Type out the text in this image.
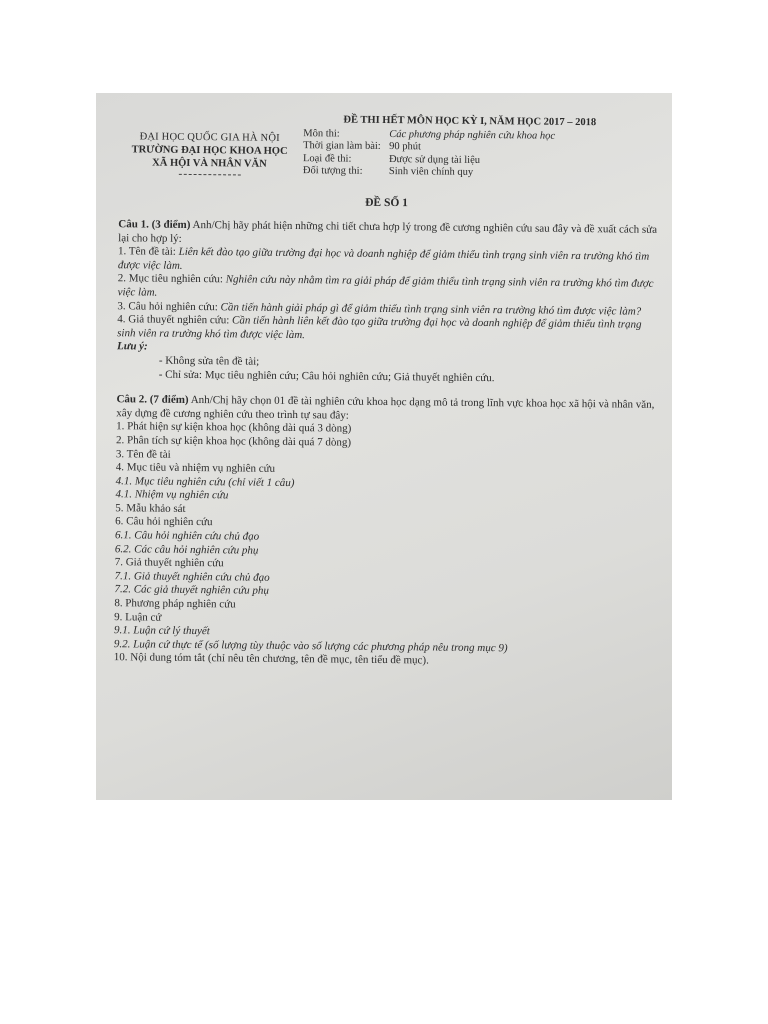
ĐẠI HỌC QUỐC GIA HÀ NỘI
TRƯỜNG ĐẠI HỌC KHOA HỌC
XÃ HỘI VÀ NHÂN VĂN
ĐỀ THI HẾT MÔN HỌC KỲ I, NĂM HỌC 2017 – 2018
Môn thi:	Các phương pháp nghiên cứu khoa học
Thời gian làm bài: 90 phút
Loại đề thi:	Được sử dụng tài liệu
Đối tượng thi:	Sinh viên chính quy
ĐỀ SỐ 1

Câu 1. (3 điểm) Anh/Chị hãy phát hiện những chi tiết chưa hợp lý trong đề cương nghiên cứu sau đây và đề xuất cách sửa lại cho hợp lý:

1. Tên đề tài: Liên kết đào tạo giữa trường đại học và doanh nghiệp để giảm thiểu tình trạng sinh viên ra trường khó tìm được việc làm.

2. Mục tiêu nghiên cứu: Nghiên cứu này nhằm tìm ra giải pháp để giảm thiểu tình trạng sinh viên ra trường khó tìm được việc làm.

3. Câu hỏi nghiên cứu: Cần tiến hành giải pháp gì để giảm thiểu tình trạng sinh viên ra trường khó tìm được việc làm?

4. Giả thuyết nghiên cứu: Cần tiến hành liên kết đào tạo giữa trường đại học và doanh nghiệp để giảm thiểu tình trạng sinh viên ra trường khó tìm được việc làm.

Lưu ý:

- Không sửa tên đề tài;

- Chỉ sửa: Mục tiêu nghiên cứu; Câu hỏi nghiên cứu; Giả thuyết nghiên cứu.

Câu 2. (7 điểm) Anh/Chị hãy chọn 01 đề tài nghiên cứu khoa học dạng mô tả trong lĩnh vực khoa học xã hội và nhân văn, xây dựng đề cương nghiên cứu theo trình tự sau đây:

1. Phát hiện sự kiện khoa học (không dài quá 3 dòng)

2. Phân tích sự kiện khoa học (không dài quá 7 dòng)

3. Tên đề tài

4. Mục tiêu và nhiệm vụ nghiên cứu

4.1. Mục tiêu nghiên cứu (chỉ viết 1 câu)

4.1. Nhiệm vụ nghiên cứu

5. Mẫu khảo sát

6. Câu hỏi nghiên cứu

6.1. Câu hỏi nghiên cứu chủ đạo

6.2. Các câu hỏi nghiên cứu phụ

7. Giả thuyết nghiên cứu

7.1. Giả thuyết nghiên cứu chủ đạo

7.2. Các giả thuyết nghiên cứu phụ

8. Phương pháp nghiên cứu

9. Luận cứ

9.1. Luận cứ lý thuyết

9.2. Luận cứ thực tế (số lượng tùy thuộc vào số lượng các phương pháp nêu trong mục 9)

10. Nội dung tóm tắt (chỉ nêu tên chương, tên đề mục, tên tiểu đề mục).
